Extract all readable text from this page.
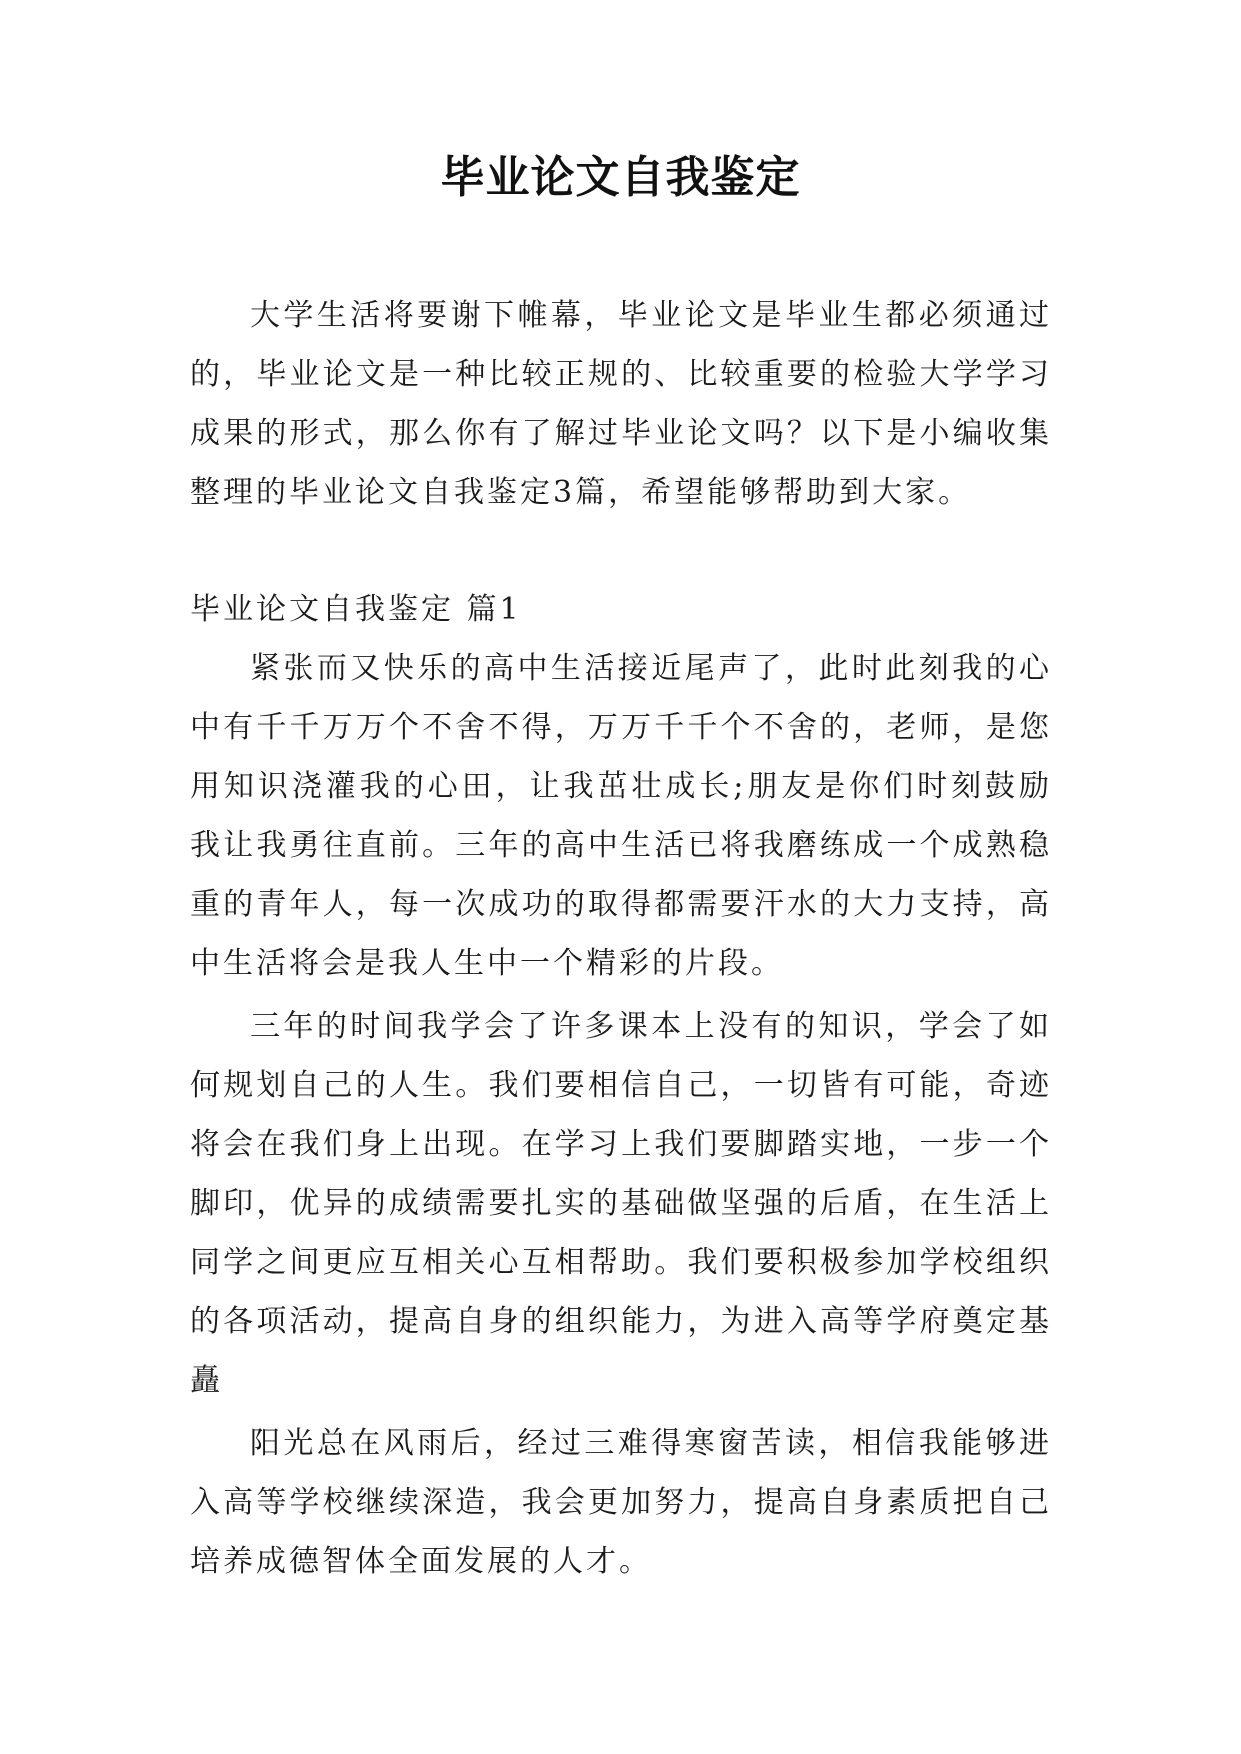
毕业论文自我鉴定

大学生活将要谢下帷幕，毕业论文是毕业生都必须通过的，毕业论文是一种比较正规的、比较重要的检验大学学习成果的形式，那么你有了解过毕业论文吗？以下是小编收集整理的毕业论文自我鉴定3篇，希望能够帮助到大家。

毕业论文自我鉴定 篇1

紧张而又快乐的高中生活接近尾声了，此时此刻我的心中有千千万万个不舍不得，万万千千个不舍的，老师，是您用知识浇灌我的心田，让我茁壮成长;朋友是你们时刻鼓励我让我勇往直前。三年的高中生活已将我磨练成一个成熟稳重的青年人，每一次成功的取得都需要汗水的大力支持，高中生活将会是我人生中一个精彩的片段。

三年的时间我学会了许多课本上没有的知识，学会了如何规划自己的人生。我们要相信自己，一切皆有可能，奇迹将会在我们身上出现。在学习上我们要脚踏实地，一步一个脚印，优异的成绩需要扎实的基础做坚强的后盾，在生活上同学之间更应互相关心互相帮助。我们要积极参加学校组织的各项活动，提高自身的组织能力，为进入高等学府奠定基矗

阳光总在风雨后，经过三难得寒窗苦读，相信我能够进入高等学校继续深造，我会更加努力，提高自身素质把自己培养成德智体全面发展的人才。
